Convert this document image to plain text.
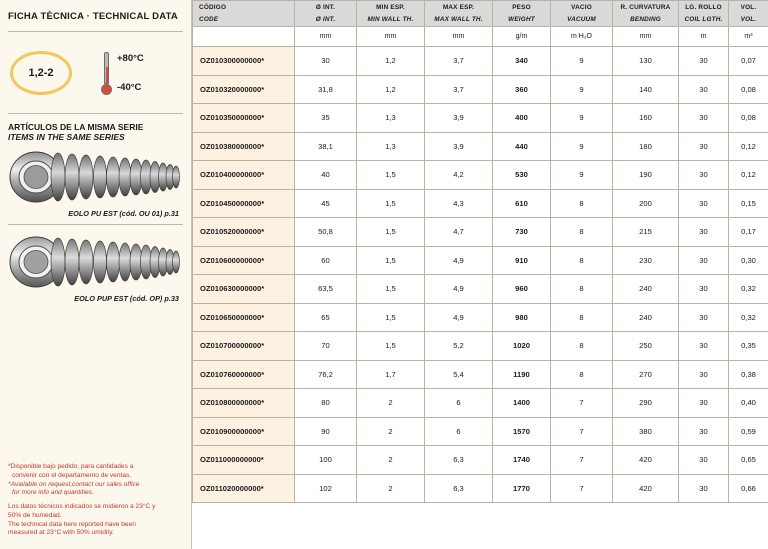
FICHA TÈCNICA · TECHNICAL DATA
1,2-2
+80°C
-40°C
ARTÍCULOS DE LA MISMA SERIE
ITEMS IN THE SAME SERIES
EOLO PU EST (cód. OU 01) p.31
EOLO PUP EST (cód. OP) p.33

*Disponible bajo pedido, para cantidades a
convenir con el departamento de ventas.
*Available on request,contact our sales office
for more info and quantities.

Los datos técnicos indicados se midieron a 23°C y
50% de humedad.
The technical data here reported have been
measured at 23°C with 50% umidity.

CÓDIGO	Ø INT.	MIN ESP.	MAX ESP.	PESO	VACIO	R. CURVATURA	LG. ROLLO	VOL.
CODE	Ø INT.	MIN WALL TH.	MAX WALL TH.	WEIGHT	VACUUM	BENDING	COIL LGTH.	VOL.
	mm	mm	mm	g/m	m H₂O	mm	m	m³
OZ010300000000*	30	1,2	3,7	340	9	130	30	0,07
OZ010320000000*	31,8	1,2	3,7	360	9	140	30	0,08
OZ010350000000*	35	1,3	3,9	400	9	160	30	0,08
OZ010380000000*	38,1	1,3	3,9	440	9	180	30	0,12
OZ010400000000*	40	1,5	4,2	530	9	190	30	0,12
OZ010450000000*	45	1,5	4,3	610	8	200	30	0,15
OZ010520000000*	50,8	1,5	4,7	730	8	215	30	0,17
OZ010600000000*	60	1,5	4,9	910	8	230	30	0,30
OZ010630000000*	63,5	1,5	4,9	960	8	240	30	0,32
OZ010650000000*	65	1,5	4,9	980	8	240	30	0,32
OZ010700000000*	70	1,5	5,2	1020	8	250	30	0,35
OZ010760000000*	76,2	1,7	5,4	1190	8	270	30	0,38
OZ010800000000*	80	2	6	1400	7	290	30	0,40
OZ010900000000*	90	2	6	1570	7	380	30	0,59
OZ011000000000*	100	2	6,3	1740	7	420	30	0,65
OZ011020000000*	102	2	6,3	1770	7	420	30	0,66
